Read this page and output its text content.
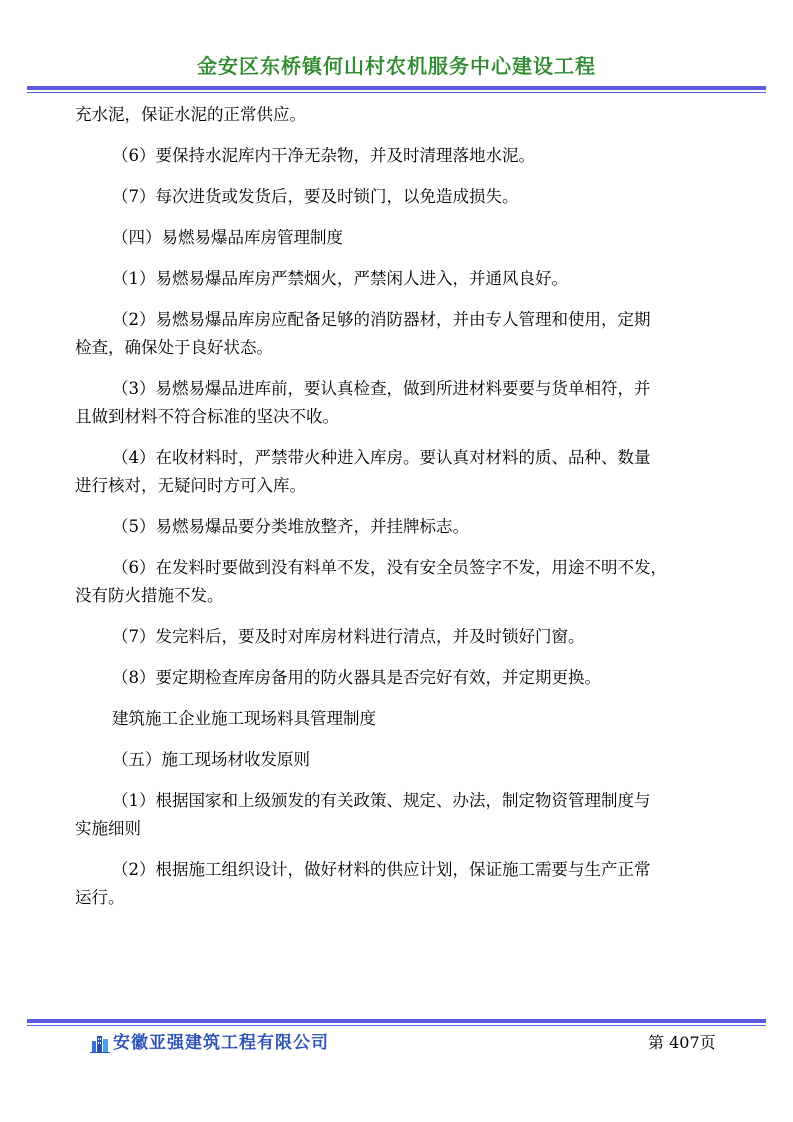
金安区东桥镇何山村农机服务中心建设工程
充水泥，保证水泥的正常供应。
（6）要保持水泥库内干净无杂物，并及时清理落地水泥。
（7）每次进货或发货后，要及时锁门，以免造成损失。
（四）易燃易爆品库房管理制度
（1）易燃易爆品库房严禁烟火，严禁闲人进入，并通风良好。
（2）易燃易爆品库房应配备足够的消防器材，并由专人管理和使用，定期
检查，确保处于良好状态。
（3）易燃易爆品进库前，要认真检查，做到所进材料要要与货单相符，并
且做到材料不符合标准的坚决不收。
（4）在收材料时，严禁带火种进入库房。要认真对材料的质、品种、数量
进行核对，无疑问时方可入库。
（5）易燃易爆品要分类堆放整齐，并挂牌标志。
（6）在发料时要做到没有料单不发，没有安全员签字不发，用途不明不发，
没有防火措施不发。
（7）发完料后，要及时对库房材料进行清点，并及时锁好门窗。
（8）要定期检查库房备用的防火器具是否完好有效，并定期更换。
建筑施工企业施工现场料具管理制度
（五）施工现场材收发原则
（1）根据国家和上级颁发的有关政策、规定、办法，制定物资管理制度与
实施细则
（2）根据施工组织设计，做好材料的供应计划，保证施工需要与生产正常
运行。
安徽亚强建筑工程有限公司	第 407页
